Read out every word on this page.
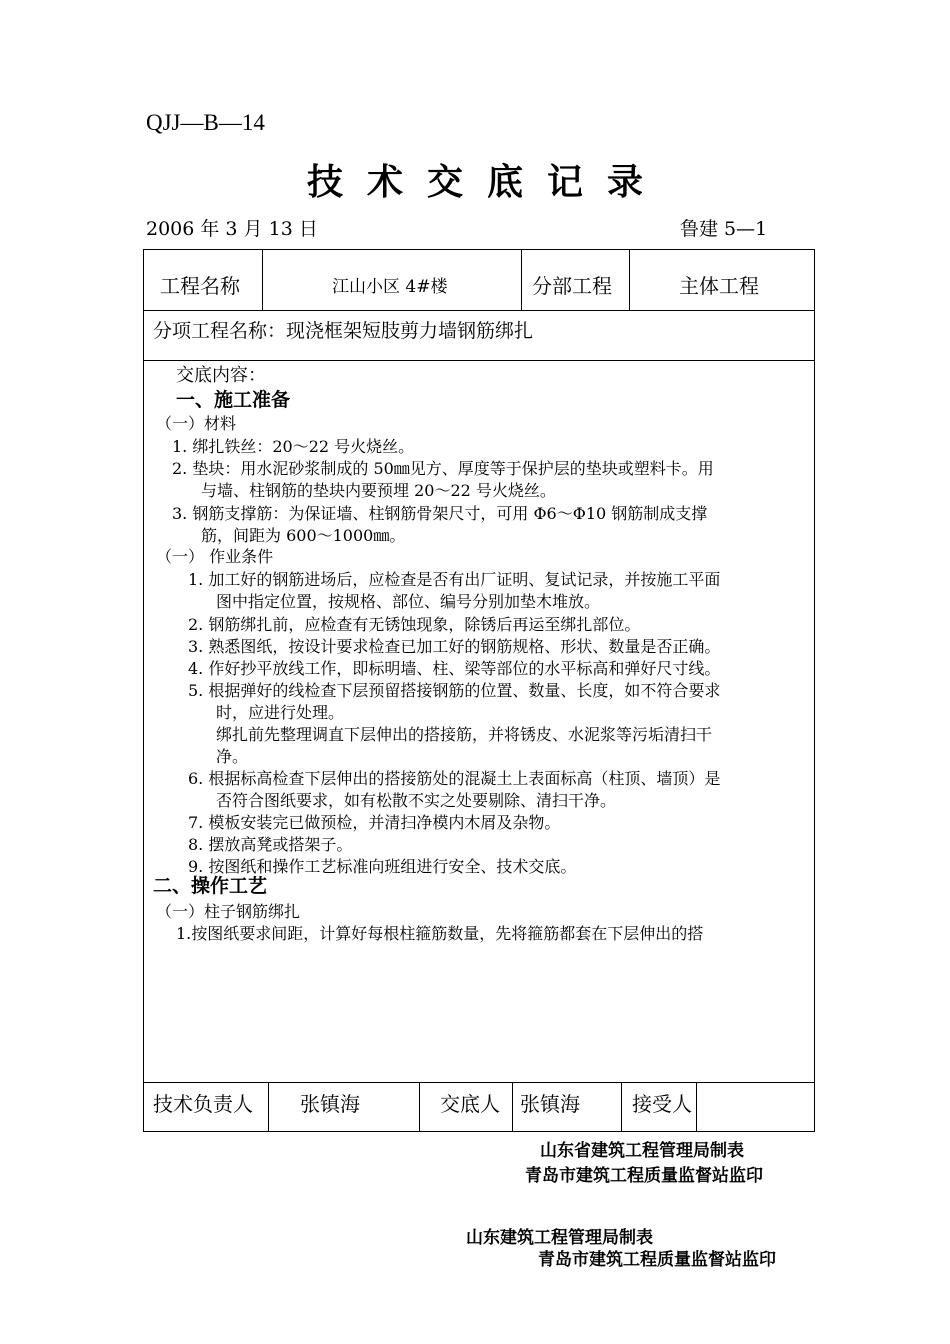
QJJ—B—14
技术交底记录
2006 年 3 月 13 日	鲁建 5—1
工程名称	江山小区 4#楼	分部工程	主体工程
分项工程名称：现浇框架短肢剪力墙钢筋绑扎
交底内容：
一、施工准备
（一）材料
1. 绑扎铁丝：20～22 号火烧丝。
2. 垫块：用水泥砂浆制成的 50㎜见方、厚度等于保护层的垫块或塑料卡。用
与墙、柱钢筋的垫块内要预埋 20～22 号火烧丝。
3. 钢筋支撑筋：为保证墙、柱钢筋骨架尺寸，可用 Φ6～Φ10 钢筋制成支撑
筋，间距为 600～1000㎜。
（一） 作业条件
1. 加工好的钢筋进场后，应检查是否有出厂证明、复试记录，并按施工平面
图中指定位置，按规格、部位、编号分别加垫木堆放。
2. 钢筋绑扎前，应检查有无锈蚀现象，除锈后再运至绑扎部位。
3. 熟悉图纸，按设计要求检查已加工好的钢筋规格、形状、数量是否正确。
4. 作好抄平放线工作，即标明墙、柱、梁等部位的水平标高和弹好尺寸线。
5. 根据弹好的线检查下层预留搭接钢筋的位置、数量、长度，如不符合要求
时，应进行处理。
绑扎前先整理调直下层伸出的搭接筋，并将锈皮、水泥浆等污垢清扫干
净。
6. 根据标高检查下层伸出的搭接筋处的混凝土上表面标高（柱顶、墙顶）是
否符合图纸要求，如有松散不实之处要剔除、清扫干净。
7. 模板安装完已做预检，并清扫净模内木屑及杂物。
8. 摆放高凳或搭架子。
9. 按图纸和操作工艺标准向班组进行安全、技术交底。
二、操作工艺
（一）柱子钢筋绑扎
1.按图纸要求间距，计算好每根柱箍筋数量，先将箍筋都套在下层伸出的搭
技术负责人 张镇海	交底人 张镇海	接受人
山东省建筑工程管理局制表
青岛市建筑工程质量监督站监印
山东建筑工程管理局制表
青岛市建筑工程质量监督站监印
